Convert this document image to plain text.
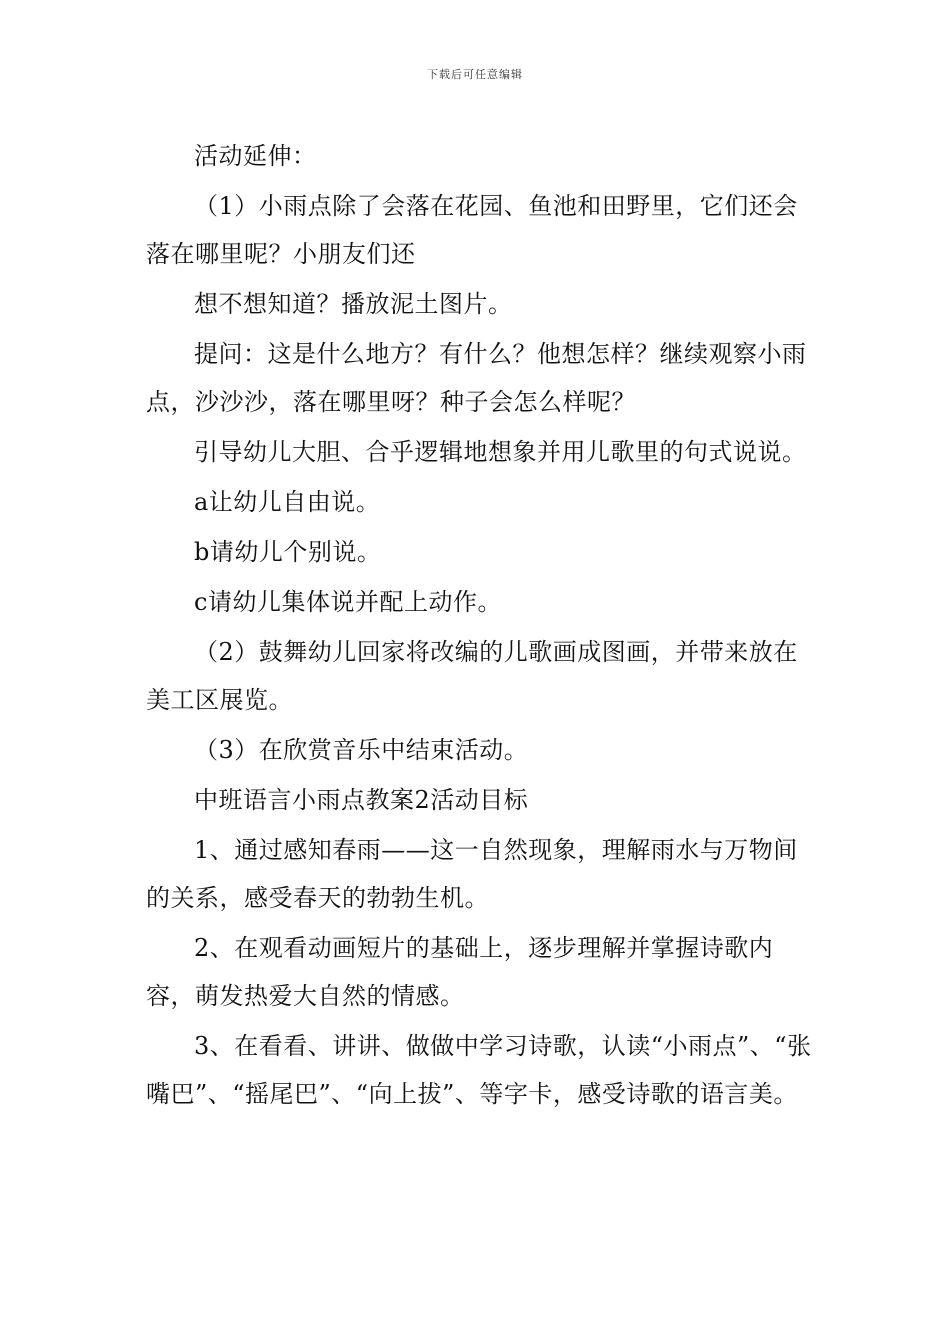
下载后可任意编辑

活动延伸：

（1）小雨点除了会落在花园、鱼池和田野里，它们还会落在哪里呢？小朋友们还

想不想知道？播放泥土图片。

提问：这是什么地方？有什么？他想怎样？继续观察小雨点，沙沙沙，落在哪里呀？种子会怎么样呢？

引导幼儿大胆、合乎逻辑地想象并用儿歌里的句式说说。

a让幼儿自由说。

b请幼儿个别说。

c请幼儿集体说并配上动作。

（2）鼓舞幼儿回家将改编的儿歌画成图画，并带来放在美工区展览。

（3）在欣赏音乐中结束活动。

中班语言小雨点教案2活动目标

1、通过感知春雨——这一自然现象，理解雨水与万物间的关系，感受春天的勃勃生机。

2、在观看动画短片的基础上，逐步理解并掌握诗歌内容，萌发热爱大自然的情感。

3、在看看、讲讲、做做中学习诗歌，认读“小雨点”、“张嘴巴”、“摇尾巴”、“向上拔”、等字卡，感受诗歌的语言美。
